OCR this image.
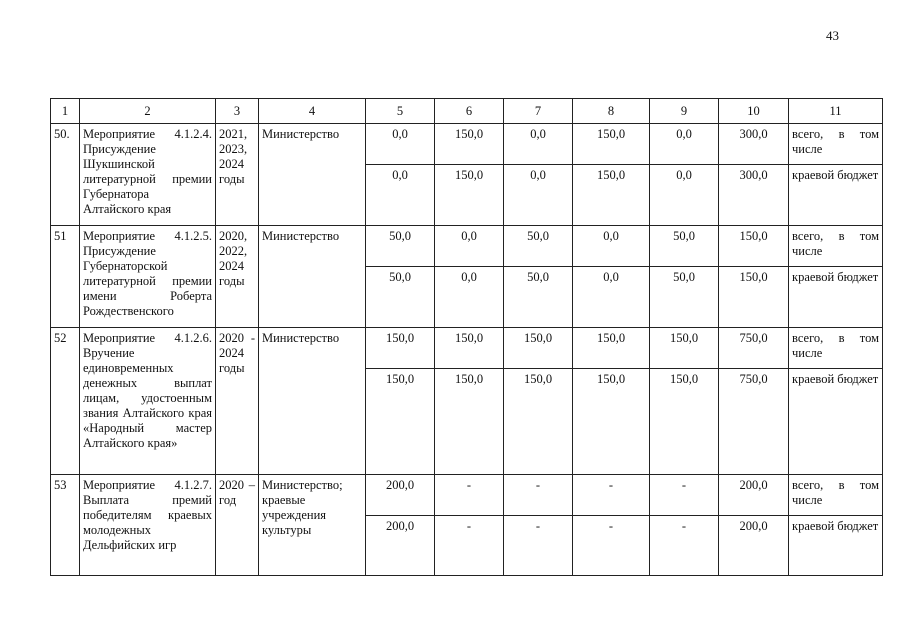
43
1	2	3	4	5	6	7	8	9	10	11
50.	Мероприятие 4.1.2.4. Присуждение Шукшинской литературной премии Губернатора Алтайского края	2021, 2023, 2024 годы	Министерство	0,0	150,0	0,0	150,0	0,0	300,0	всего, в том числе
				0,0	150,0	0,0	150,0	0,0	300,0	краевой бюджет
51	Мероприятие 4.1.2.5. Присуждение Губернаторской литературной премии имени Роберта Рождественского	2020, 2022, 2024 годы	Министерство	50,0	0,0	50,0	0,0	50,0	150,0	всего, в том числе
				50,0	0,0	50,0	0,0	50,0	150,0	краевой бюджет
52	Мероприятие 4.1.2.6. Вручение единовременных денежных выплат лицам, удостоенным звания Алтайского края «Народный мастер Алтайского края»	2020 - 2024 годы	Министерство	150,0	150,0	150,0	150,0	150,0	750,0	всего, в том числе
				150,0	150,0	150,0	150,0	150,0	750,0	краевой бюджет
53	Мероприятие 4.1.2.7. Выплата премий победителям краевых молодежных Дельфийских игр	2020 – год	Министерство; краевые учреждения культуры	200,0	-	-	-	-	200,0	всего, в том числе
				200,0	-	-	-	-	200,0	краевой бюджет
